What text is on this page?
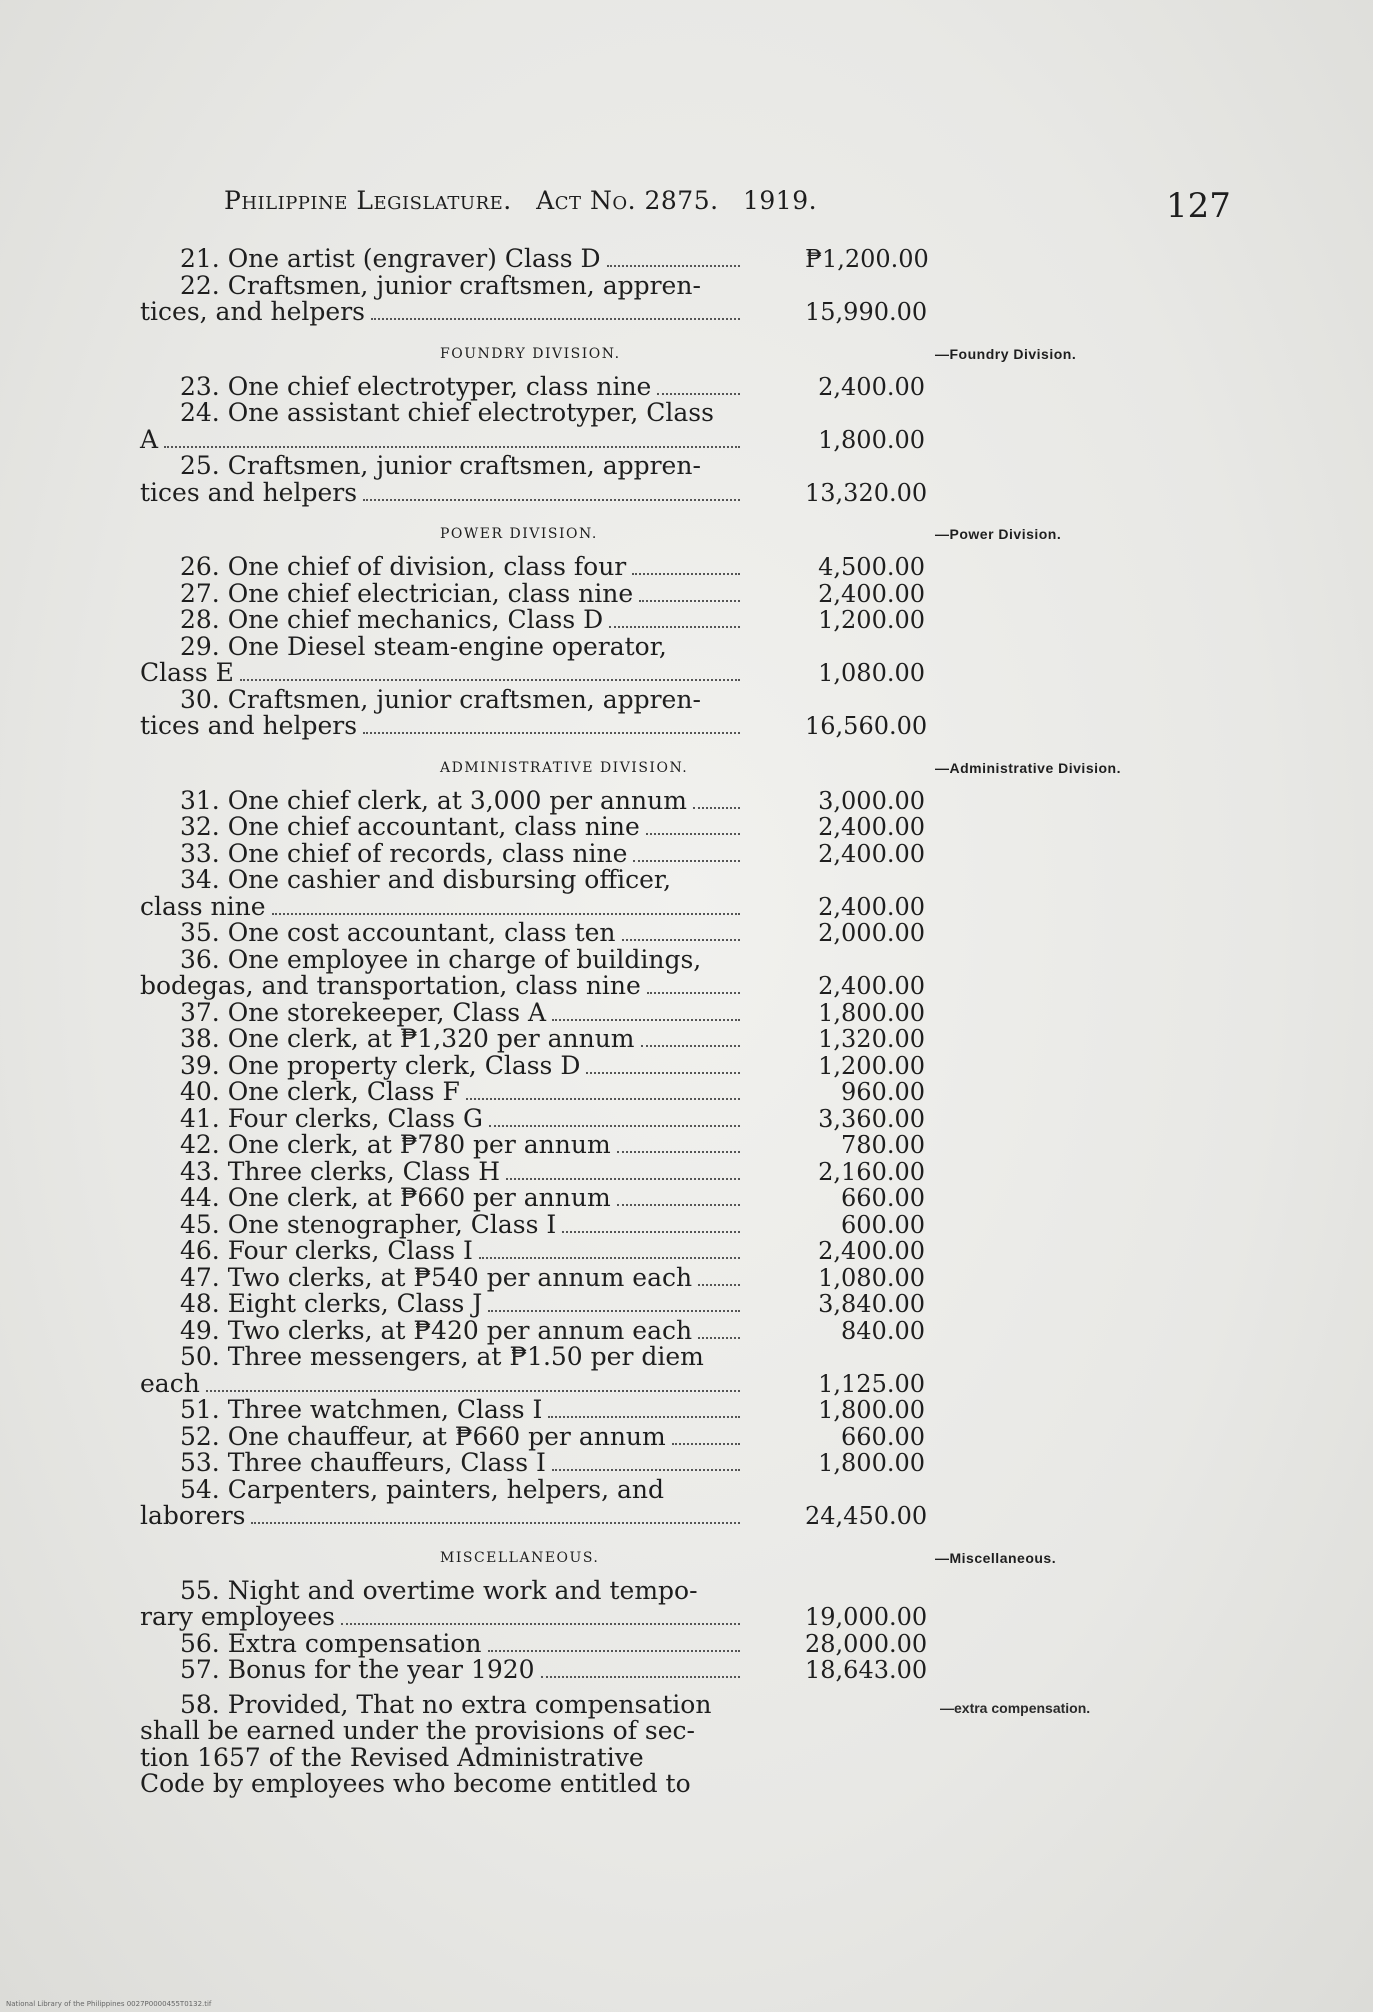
Philippine Legislature. Act No. 2875. 1919.	127
21. One artist (engraver) Class D	₱1,200.00
22. Craftsmen, junior craftsmen, appren-
tices, and helpers	15,990.00
FOUNDRY DIVISION.	—Foundry Division.
23. One chief electrotyper, class nine	2,400.00
24. One assistant chief electrotyper, Class
A	1,800.00
25. Craftsmen, junior craftsmen, appren-
tices and helpers	13,320.00
POWER DIVISION.	—Power Division.
26. One chief of division, class four	4,500.00
27. One chief electrician, class nine	2,400.00
28. One chief mechanics, Class D	1,200.00
29. One Diesel steam-engine operator,
Class E	1,080.00
30. Craftsmen, junior craftsmen, appren-
tices and helpers	16,560.00
ADMINISTRATIVE DIVISION.	—Administrative Division.
31. One chief clerk, at 3,000 per annum	3,000.00
32. One chief accountant, class nine	2,400.00
33. One chief of records, class nine	2,400.00
34. One cashier and disbursing officer,
class nine	2,400.00
35. One cost accountant, class ten	2,000.00
36. One employee in charge of buildings,
bodegas, and transportation, class nine	2,400.00
37. One storekeeper, Class A	1,800.00
38. One clerk, at ₱1,320 per annum	1,320.00
39. One property clerk, Class D	1,200.00
40. One clerk, Class F	960.00
41. Four clerks, Class G	3,360.00
42. One clerk, at ₱780 per annum	780.00
43. Three clerks, Class H	2,160.00
44. One clerk, at ₱660 per annum	660.00
45. One stenographer, Class I	600.00
46. Four clerks, Class I	2,400.00
47. Two clerks, at ₱540 per annum each	1,080.00
48. Eight clerks, Class J	3,840.00
49. Two clerks, at ₱420 per annum each	840.00
50. Three messengers, at ₱1.50 per diem
each	1,125.00
51. Three watchmen, Class I	1,800.00
52. One chauffeur, at ₱660 per annum	660.00
53. Three chauffeurs, Class I	1,800.00
54. Carpenters, painters, helpers, and
laborers	24,450.00
MISCELLANEOUS.	—Miscellaneous.
55. Night and overtime work and tempo-
rary employees	19,000.00
56. Extra compensation	28,000.00
57. Bonus for the year 1920	18,643.00
58. Provided, That no extra compensation
shall be earned under the provisions of sec-
tion 1657 of the Revised Administrative
Code by employees who become entitled to
—extra compensation.
National Library of the Philippines 0027P0000455T0132.tif
